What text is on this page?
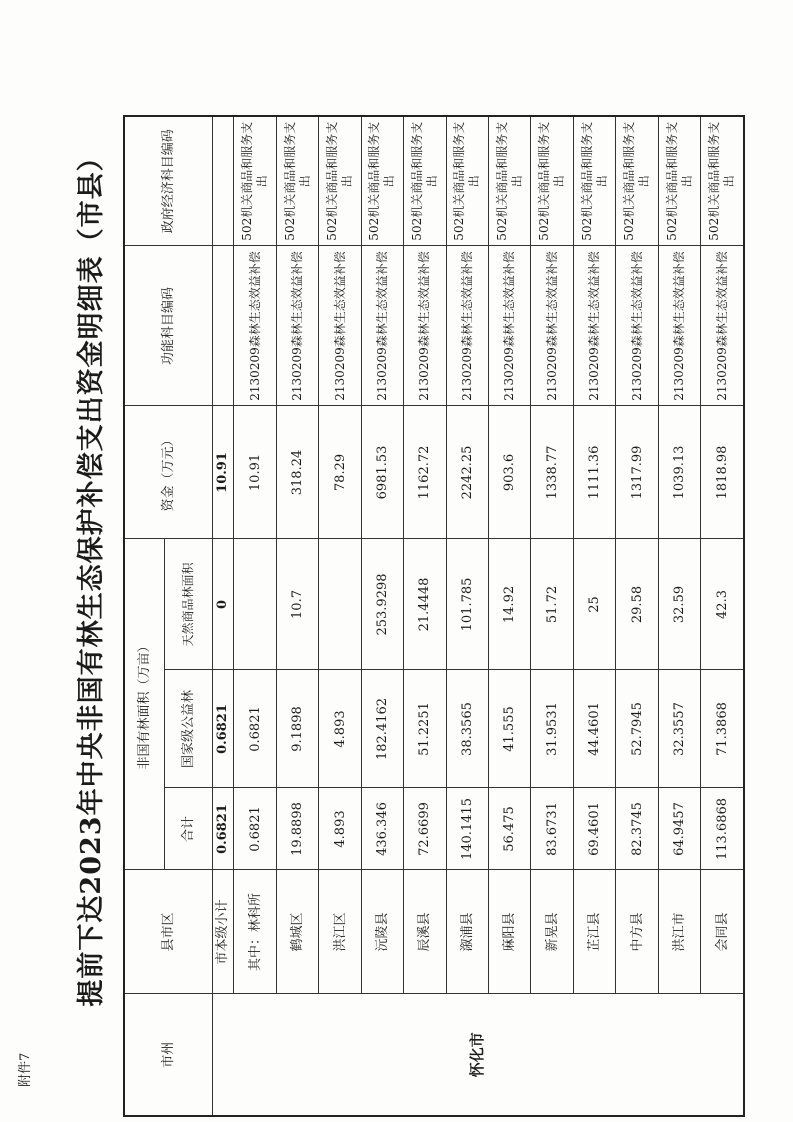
附件7
提前下达2023年中央非国有林生态保护补偿支出资金明细表（市县）
市州	县市区	非国有林面积（万亩）			资金（万元）	功能科目编码	政府经济科目编码
		合计	国家级公益林	天然商品林面积			
怀化市	市本级小计	0.6821	0.6821	0	10.91		
	其中：林科所	0.6821	0.6821		10.91	2130209森林生态效益补偿	502机关商品和服务支出
	鹤城区	19.8898	9.1898	10.7	318.24	2130209森林生态效益补偿	502机关商品和服务支出
	洪江区	4.893	4.893		78.29	2130209森林生态效益补偿	502机关商品和服务支出
	沅陵县	436.346	182.4162	253.9298	6981.53	2130209森林生态效益补偿	502机关商品和服务支出
	辰溪县	72.6699	51.2251	21.4448	1162.72	2130209森林生态效益补偿	502机关商品和服务支出
	溆浦县	140.1415	38.3565	101.785	2242.25	2130209森林生态效益补偿	502机关商品和服务支出
	麻阳县	56.475	41.555	14.92	903.6	2130209森林生态效益补偿	502机关商品和服务支出
	新晃县	83.6731	31.9531	51.72	1338.77	2130209森林生态效益补偿	502机关商品和服务支出
	芷江县	69.4601	44.4601	25	1111.36	2130209森林生态效益补偿	502机关商品和服务支出
	中方县	82.3745	52.7945	29.58	1317.99	2130209森林生态效益补偿	502机关商品和服务支出
	洪江市	64.9457	32.3557	32.59	1039.13	2130209森林生态效益补偿	502机关商品和服务支出
	会同县	113.6868	71.3868	42.3	1818.98	2130209森林生态效益补偿	502机关商品和服务支出
